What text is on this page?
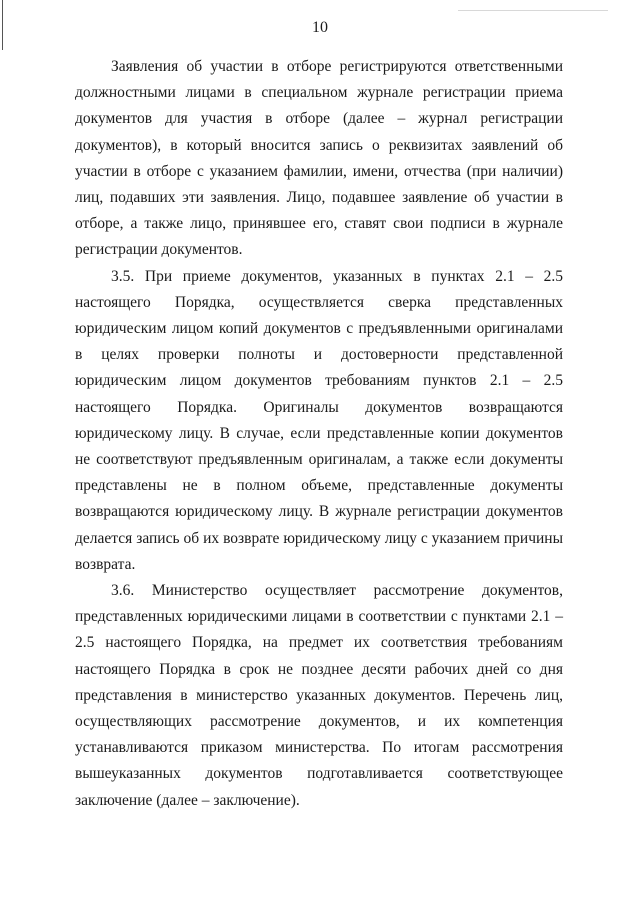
10

Заявления об участии в отборе регистрируются ответственными должностными лицами в специальном журнале регистрации приема документов для участия в отборе (далее – журнал регистрации документов), в который вносится запись о реквизитах заявлений об участии в отборе с указанием фамилии, имени, отчества (при наличии) лиц, подавших эти заявления. Лицо, подавшее заявление об участии в отборе, а также лицо, принявшее его, ставят свои подписи в журнале регистрации документов.

3.5. При приеме документов, указанных в пунктах 2.1 – 2.5 настоящего Порядка, осуществляется сверка представленных юридическим лицом копий документов с предъявленными оригиналами в целях проверки полноты и достоверности представленной юридическим лицом документов требованиям пунктов 2.1 – 2.5 настоящего Порядка. Оригиналы документов возвращаются юридическому лицу. В случае, если представленные копии документов не соответствуют предъявленным оригиналам, а также если документы представлены не в полном объеме, представленные документы возвращаются юридическому лицу. В журнале регистрации документов делается запись об их возврате юридическому лицу с указанием причины возврата.

3.6. Министерство осуществляет рассмотрение документов, представленных юридическими лицами в соответствии с пунктами 2.1 – 2.5 настоящего Порядка, на предмет их соответствия требованиям настоящего Порядка в срок не позднее десяти рабочих дней со дня представления в министерство указанных документов. Перечень лиц, осуществляющих рассмотрение документов, и их компетенция устанавливаются приказом министерства. По итогам рассмотрения вышеуказанных документов подготавливается соответствующее заключение (далее – заключение).
